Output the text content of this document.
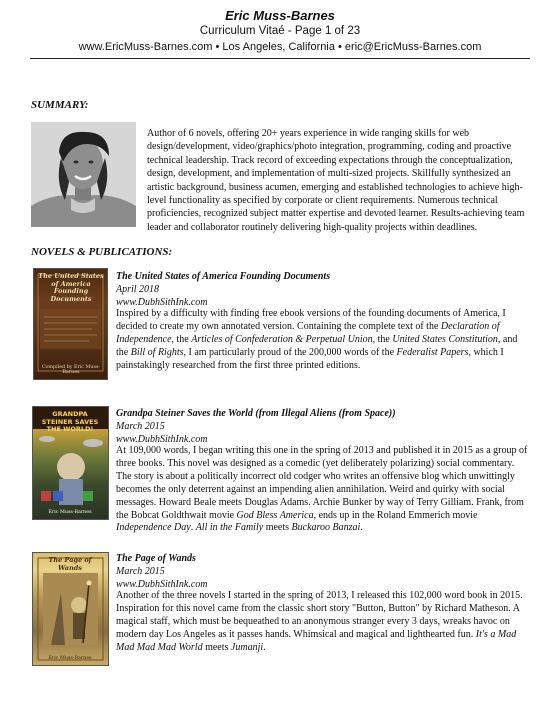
Eric Muss-Barnes
Curriculum Vitaé - Page 1 of 23
www.EricMuss-Barnes.com • Los Angeles, California • eric@EricMuss-Barnes.com
SUMMARY:
Author of 6 novels, offering 20+ years experience in wide ranging skills for web design/development, video/graphics/photo integration, programming, coding and proactive technical leadership. Track record of exceeding expectations through the conceptualization, design, development, and implementation of multi-sized projects. Skillfully synthesized an artistic background, business acumen, emerging and established technologies to achieve high-level functionality as specified by corporate or client requirements. Numerous technical proficiencies, recognized subject matter expertise and devoted learner. Results-achieving team leader and collaborator routinely delivering high-quality projects within deadlines.
NOVELS & PUBLICATIONS:
The United States of America Founding Documents
Compiled by Eric Muss-Barnes
The United States of America Founding Documents
April 2018
www.DubhSithInk.com
Inspired by a difficulty with finding free ebook versions of the founding documents of America, I decided to create my own annotated version. Containing the complete text of the Declaration of Independence, the Articles of Confederation & Perpetual Union, the United States Constitution, and the Bill of Rights, I am particularly proud of the 200,000 words of the Federalist Papers, which I painstakingly researched from the first three printed editions.
GRANDPA STEINER SAVES THE WORLD!
Eric Muss-Barnes
Grandpa Steiner Saves the World (from Illegal Aliens (from Space))
March 2015
www.DubhSithInk.com
At 109,000 words, I began writing this one in the spring of 2013 and published it in 2015 as a group of three books. This novel was designed as a comedic (yet deliberately polarizing) social commentary. The story is about a politically incorrect old codger who writes an offensive blog which unwittingly becomes the only deterrent against an impending alien annihilation. Weird and quirky with social messages. Howard Beale meets Douglas Adams. Archie Bunker by way of Terry Gilliam. Frank, from the Bobcat Goldthwait movie God Bless America, ends up in the Roland Emmerich movie Independence Day. All in the Family meets Buckaroo Banzai.
The Page of Wands
Eric Muss-Barnes
The Page of Wands
March 2015
www.DubhSithInk.com
Another of the three novels I started in the spring of 2013, I released this 102,000 word book in 2015. Inspiration for this novel came from the classic short story "Button, Button" by Richard Matheson. A magical staff, which must be bequeathed to an anonymous stranger every 3 days, wreaks havoc on modern day Los Angeles as it passes hands. Whimsical and magical and lighthearted fun. It's a Mad Mad Mad Mad World meets Jumanji.
